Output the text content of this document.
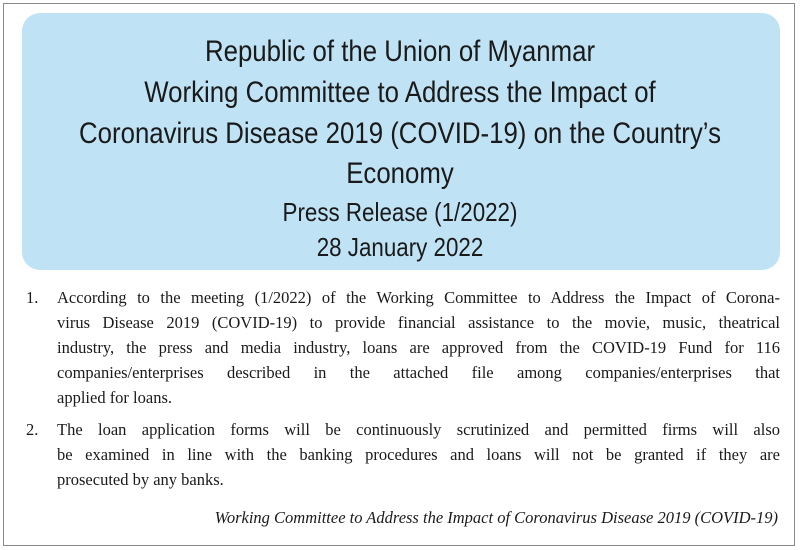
Republic of the Union of Myanmar
Working Committee to Address the Impact of
Coronavirus Disease 2019 (COVID-19) on the Country’s
Economy
Press Release (1/2022)
28 January 2022
1. According to the meeting (1/2022) of the Working Committee to Address the Impact of Corona-
virus Disease 2019 (COVID-19) to provide financial assistance to the movie, music, theatrical
industry, the press and media industry, loans are approved from the COVID-19 Fund for 116
companies/enterprises described in the attached file among companies/enterprises that
applied for loans.
2. The loan application forms will be continuously scrutinized and permitted firms will also
be examined in line with the banking procedures and loans will not be granted if they are
prosecuted by any banks.
Working Committee to Address the Impact of Coronavirus Disease 2019 (COVID-19)
